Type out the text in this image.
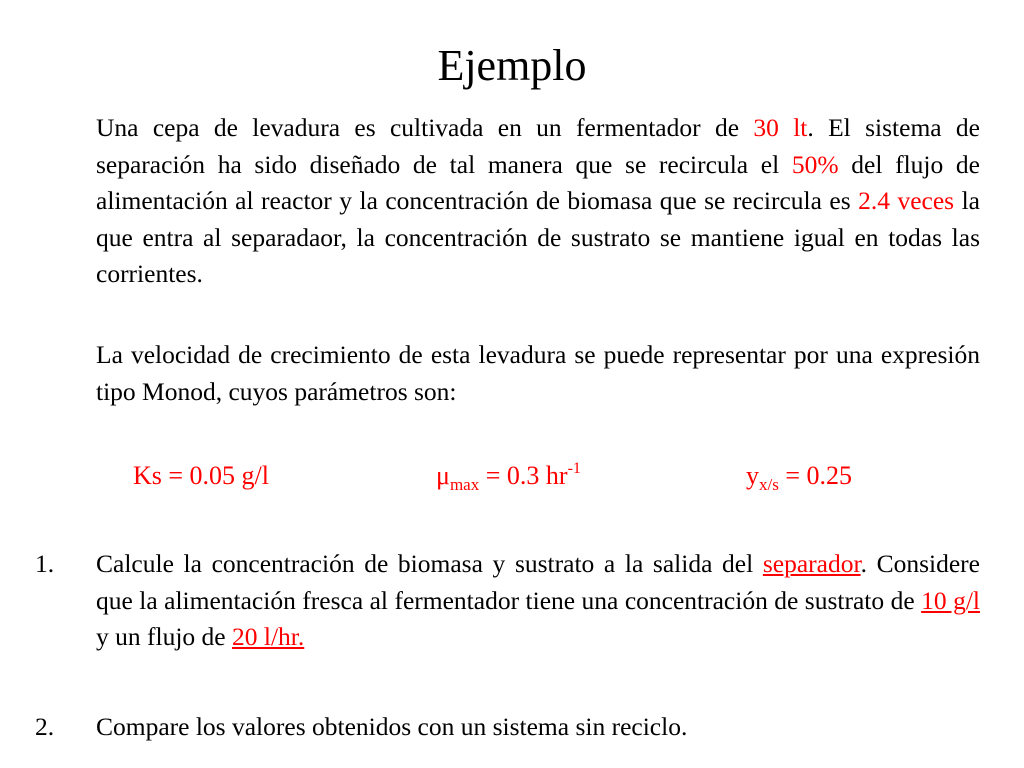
Ejemplo
Una cepa de levadura es cultivada en un fermentador de 30 lt. El sistema de separación ha sido diseñado de tal manera que se recircula el 50% del flujo de alimentación al reactor y la concentración de biomasa que se recircula es 2.4 veces la que entra al separadaor, la concentración de sustrato se mantiene igual en todas las corrientes.
La velocidad de crecimiento de esta levadura se puede representar por una expresión tipo Monod, cuyos parámetros son:
Ks = 0.05 g/l	$\mu_{max} = 0.3$ $hr^{-1}$	$y_{x/s} = 0.25$
1. Calcule la concentración de biomasa y sustrato a la salida del separador. Considere que la alimentación fresca al fermentador tiene una concentración de sustrato de 10 g/l y un flujo de 20 l/hr.
2. Compare los valores obtenidos con un sistema sin reciclo.
